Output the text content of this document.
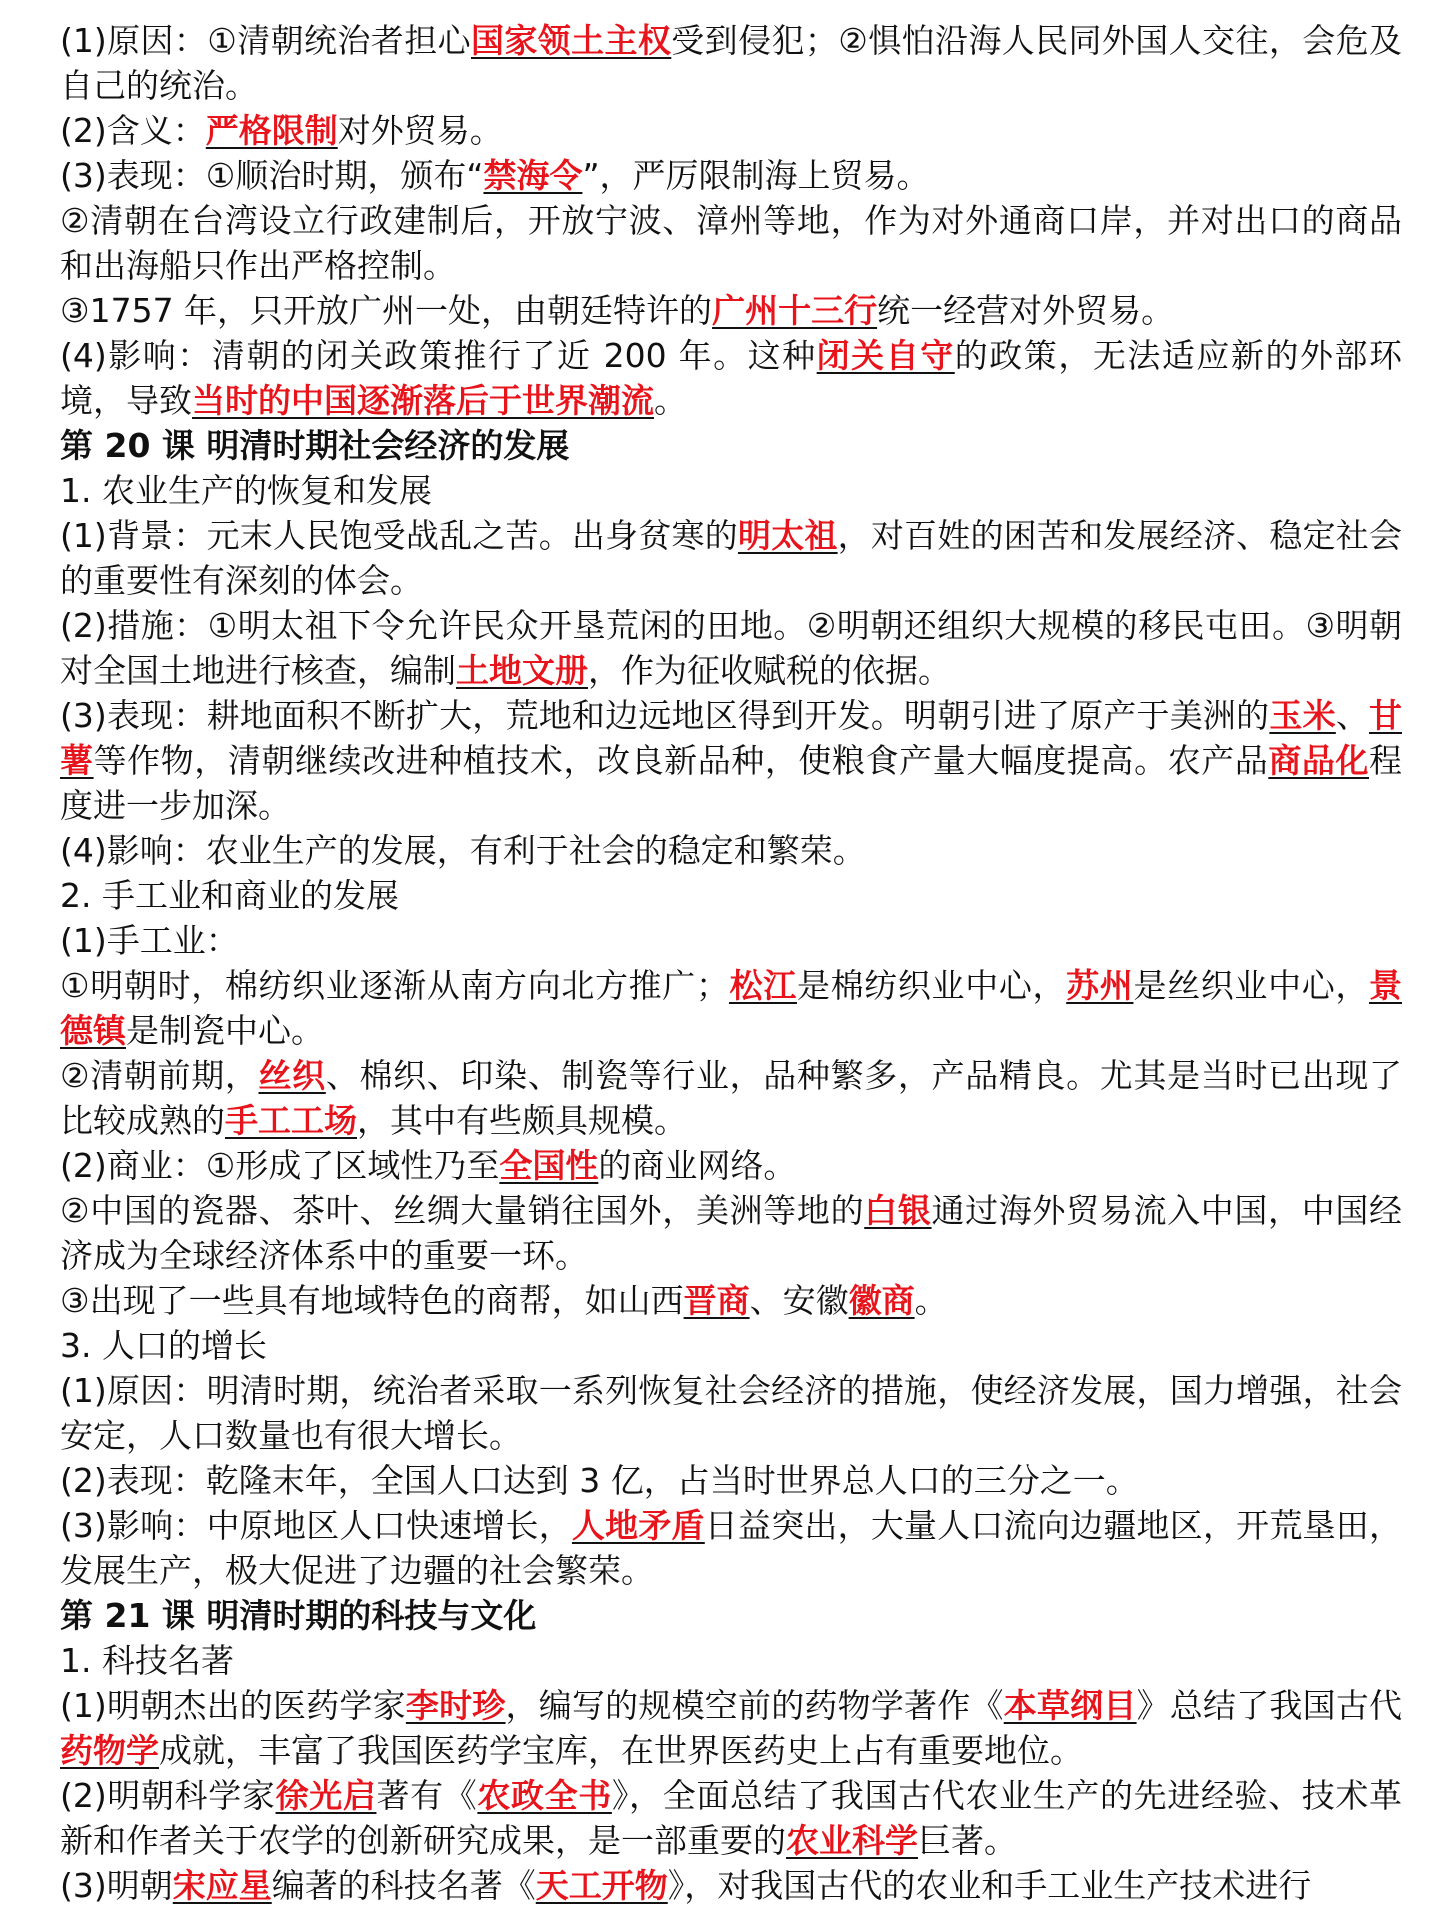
(1)原因：①清朝统治者担心国家领土主权受到侵犯；②惧怕沿海人民同外国人交往，会危及自己的统治。

(2)含义：严格限制对外贸易。

(3)表现：①顺治时期，颁布“禁海令”，严厉限制海上贸易。

②清朝在台湾设立行政建制后，开放宁波、漳州等地，作为对外通商口岸，并对出口的商品和出海船只作出严格控制。

③1757 年，只开放广州一处，由朝廷特许的广州十三行统一经营对外贸易。

(4)影响：清朝的闭关政策推行了近 200 年。这种闭关自守的政策，无法适应新的外部环境，导致当时的中国逐渐落后于世界潮流。

第 20 课 明清时期社会经济的发展

1. 农业生产的恢复和发展

(1)背景：元末人民饱受战乱之苦。出身贫寒的明太祖，对百姓的困苦和发展经济、稳定社会的重要性有深刻的体会。

(2)措施：①明太祖下令允许民众开垦荒闲的田地。②明朝还组织大规模的移民屯田。③明朝对全国土地进行核查，编制土地文册，作为征收赋税的依据。

(3)表现：耕地面积不断扩大，荒地和边远地区得到开发。明朝引进了原产于美洲的玉米、甘薯等作物，清朝继续改进种植技术，改良新品种，使粮食产量大幅度提高。农产品商品化程度进一步加深。

(4)影响：农业生产的发展，有利于社会的稳定和繁荣。

2. 手工业和商业的发展

(1)手工业：

①明朝时，棉纺织业逐渐从南方向北方推广；松江是棉纺织业中心，苏州是丝织业中心，景德镇是制瓷中心。

②清朝前期，丝织、棉织、印染、制瓷等行业，品种繁多，产品精良。尤其是当时已出现了比较成熟的手工工场，其中有些颇具规模。

(2)商业：①形成了区域性乃至全国性的商业网络。

②中国的瓷器、茶叶、丝绸大量销往国外，美洲等地的白银通过海外贸易流入中国，中国经济成为全球经济体系中的重要一环。

③出现了一些具有地域特色的商帮，如山西晋商、安徽徽商。

3. 人口的增长

(1)原因：明清时期，统治者采取一系列恢复社会经济的措施，使经济发展，国力增强，社会安定，人口数量也有很大增长。

(2)表现：乾隆末年，全国人口达到 3 亿，占当时世界总人口的三分之一。

(3)影响：中原地区人口快速增长，人地矛盾日益突出，大量人口流向边疆地区，开荒垦田，发展生产，极大促进了边疆的社会繁荣。

第 21 课 明清时期的科技与文化

1. 科技名著

(1)明朝杰出的医药学家李时珍，编写的规模空前的药物学著作《本草纲目》总结了我国古代药物学成就，丰富了我国医药学宝库，在世界医药史上占有重要地位。

(2)明朝科学家徐光启著有《农政全书》，全面总结了我国古代农业生产的先进经验、技术革新和作者关于农学的创新研究成果，是一部重要的农业科学巨著。

(3)明朝宋应星编著的科技名著《天工开物》，对我国古代的农业和手工业生产技术进行
